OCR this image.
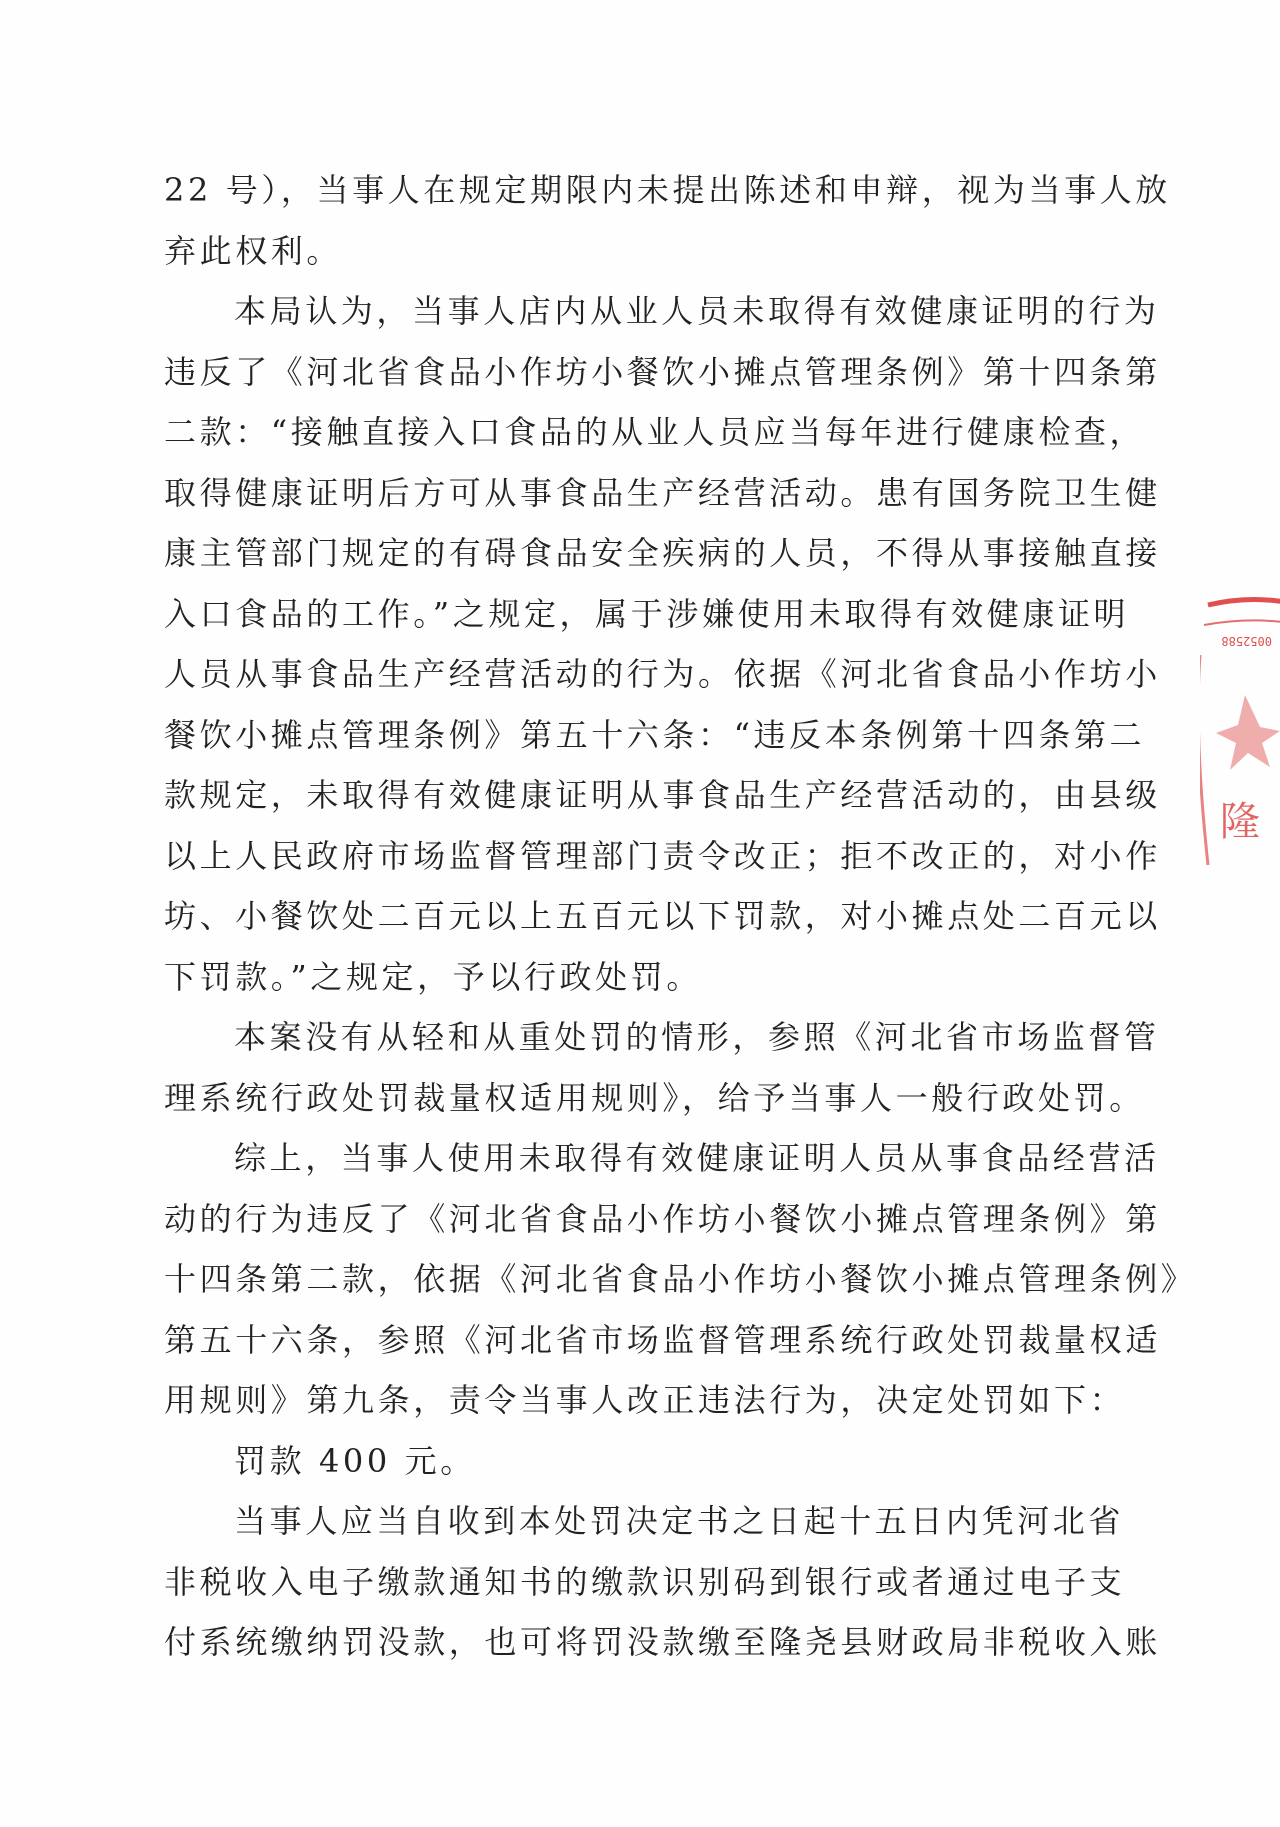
22 号），当事人在规定期限内未提出陈述和申辩，视为当事人放
弃此权利。
本局认为，当事人店内从业人员未取得有效健康证明的行为
违反了《河北省食品小作坊小餐饮小摊点管理条例》第十四条第
二款：“接触直接入口食品的从业人员应当每年进行健康检查，
取得健康证明后方可从事食品生产经营活动。患有国务院卫生健
康主管部门规定的有碍食品安全疾病的人员，不得从事接触直接
入口食品的工作。”之规定，属于涉嫌使用未取得有效健康证明
人员从事食品生产经营活动的行为。依据《河北省食品小作坊小
餐饮小摊点管理条例》第五十六条：“违反本条例第十四条第二
款规定，未取得有效健康证明从事食品生产经营活动的，由县级
以上人民政府市场监督管理部门责令改正；拒不改正的，对小作
坊、小餐饮处二百元以上五百元以下罚款，对小摊点处二百元以
下罚款。”之规定，予以行政处罚。
本案没有从轻和从重处罚的情形，参照《河北省市场监督管
理系统行政处罚裁量权适用规则》，给予当事人一般行政处罚。
综上，当事人使用未取得有效健康证明人员从事食品经营活
动的行为违反了《河北省食品小作坊小餐饮小摊点管理条例》第
十四条第二款，依据《河北省食品小作坊小餐饮小摊点管理条例》
第五十六条，参照《河北省市场监督管理系统行政处罚裁量权适
用规则》第九条，责令当事人改正违法行为，决定处罚如下：
罚款 400 元。
当事人应当自收到本处罚决定书之日起十五日内凭河北省
非税收入电子缴款通知书的缴款识别码到银行或者通过电子支
付系统缴纳罚没款，也可将罚没款缴至隆尧县财政局非税收入账
0052588
隆
